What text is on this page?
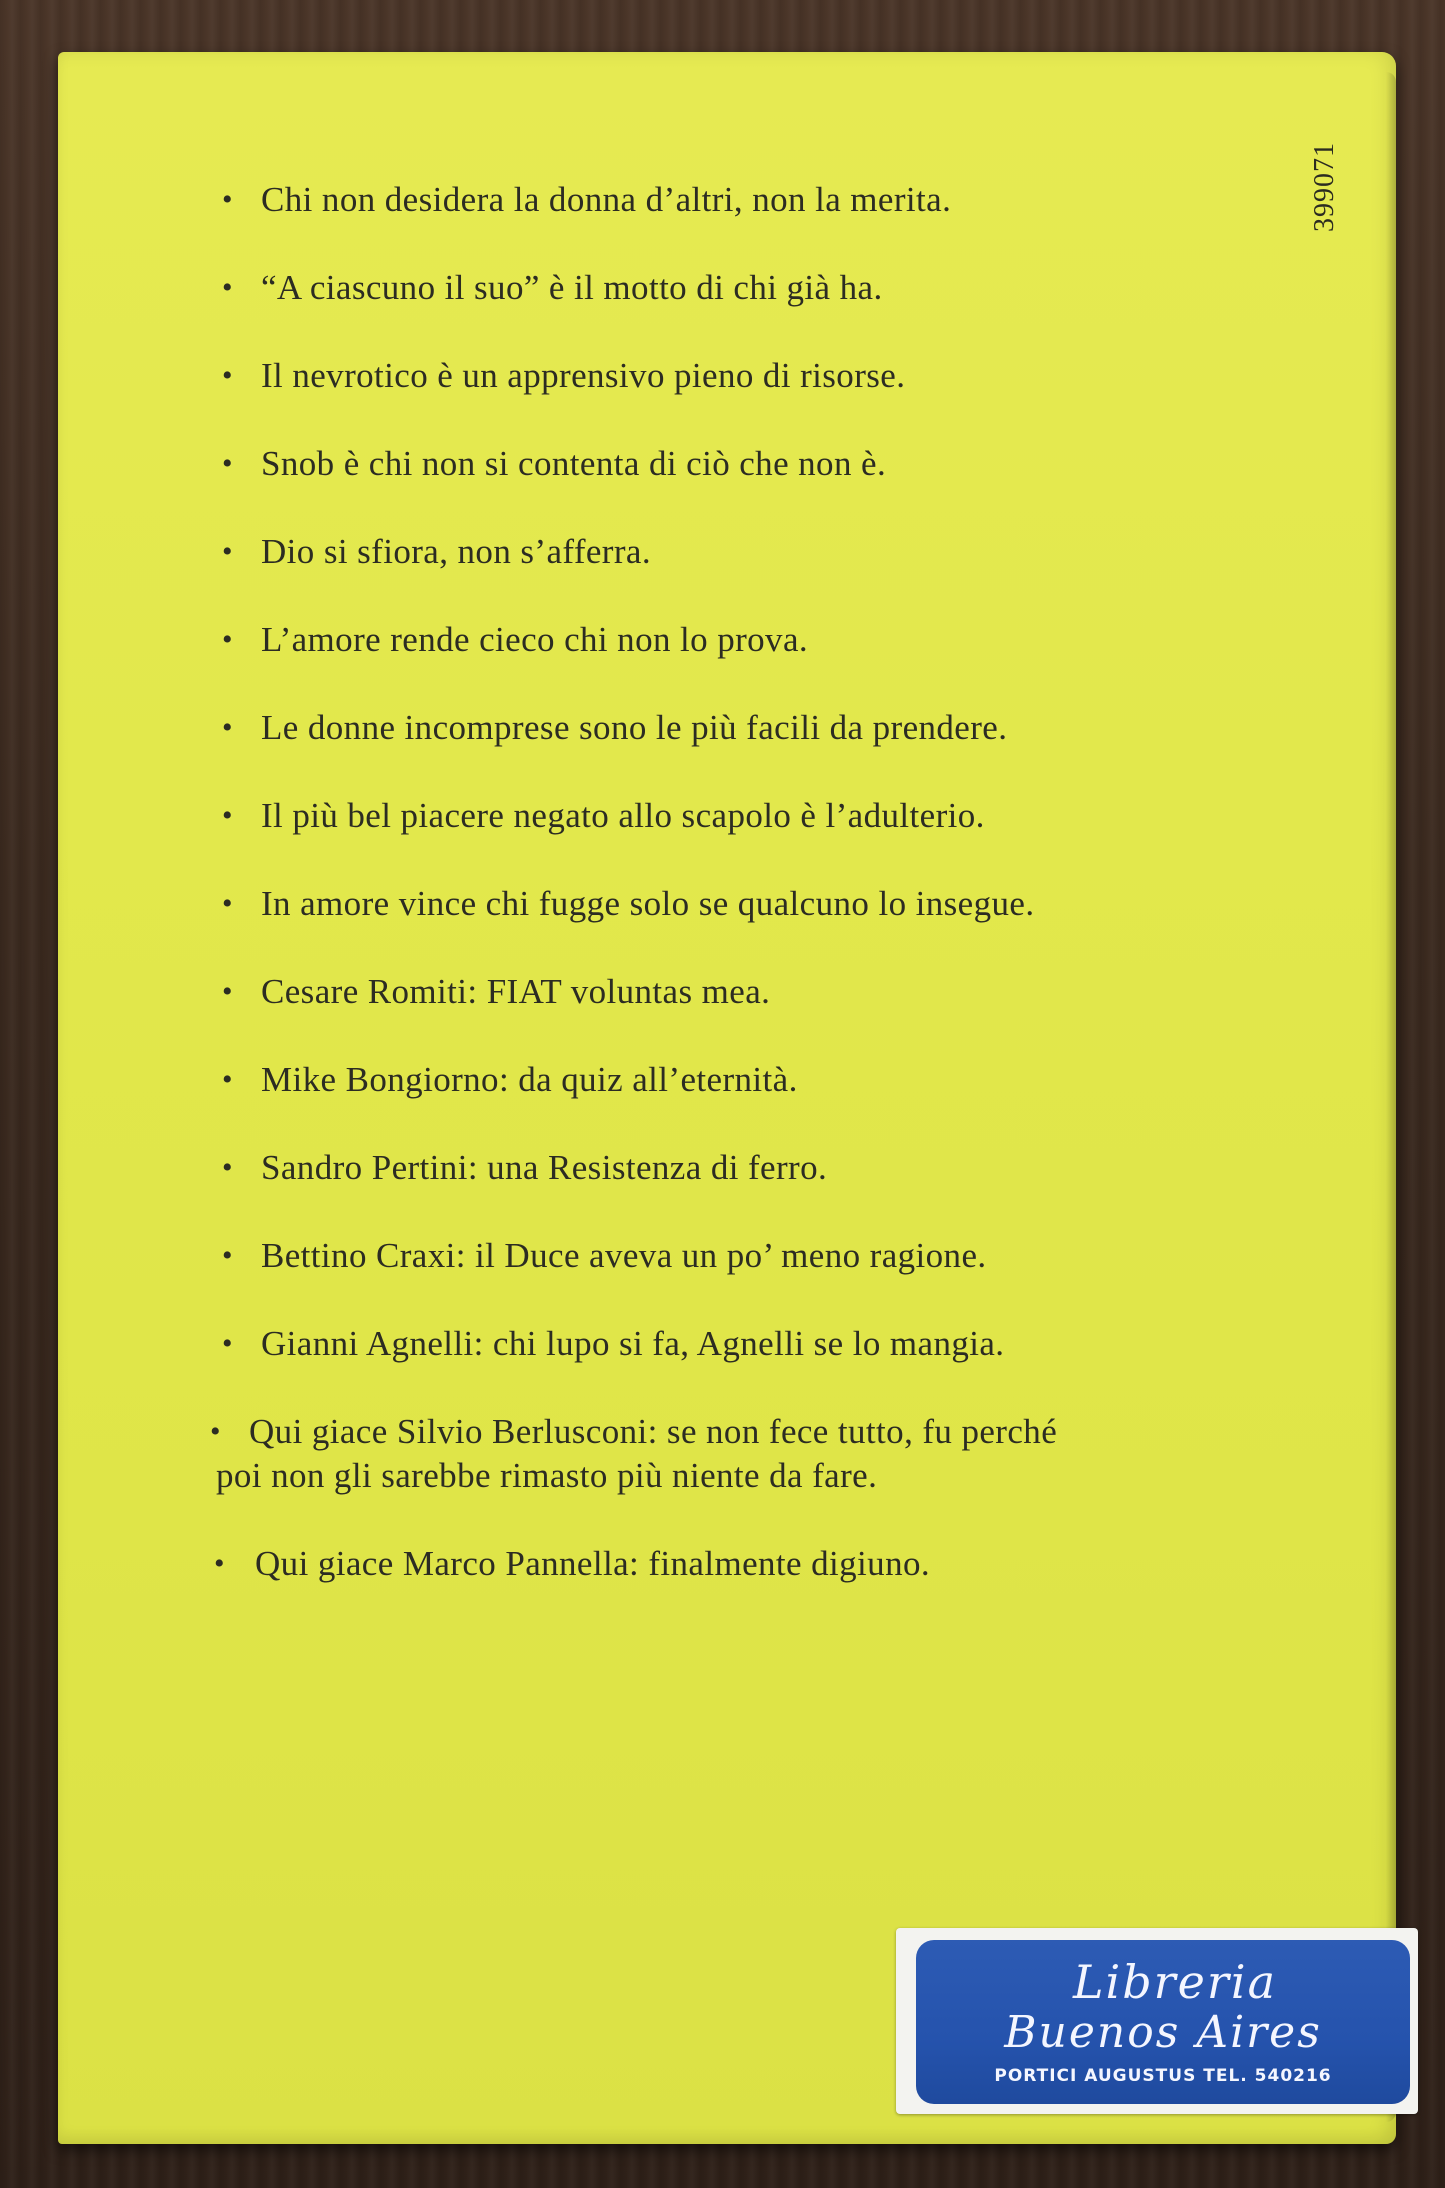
399071
• Chi non desidera la donna d’altri, non la merita.
• “A ciascuno il suo” è il motto di chi già ha.
• Il nevrotico è un apprensivo pieno di risorse.
• Snob è chi non si contenta di ciò che non è.
• Dio si sfiora, non s’afferra.
• L’amore rende cieco chi non lo prova.
• Le donne incomprese sono le più facili da prendere.
• Il più bel piacere negato allo scapolo è l’adulterio.
• In amore vince chi fugge solo se qualcuno lo insegue.
• Cesare Romiti: FIAT voluntas mea.
• Mike Bongiorno: da quiz all’eternità.
• Sandro Pertini: una Resistenza di ferro.
• Bettino Craxi: il Duce aveva un po’ meno ragione.
• Gianni Agnelli: chi lupo si fa, Agnelli se lo mangia.
• Qui giace Silvio Berlusconi: se non fece tutto, fu perché
poi non gli sarebbe rimasto più niente da fare.
• Qui giace Marco Pannella: finalmente digiuno.
Libreria
Buenos Aires
PORTICI AUGUSTUS TEL. 540216
